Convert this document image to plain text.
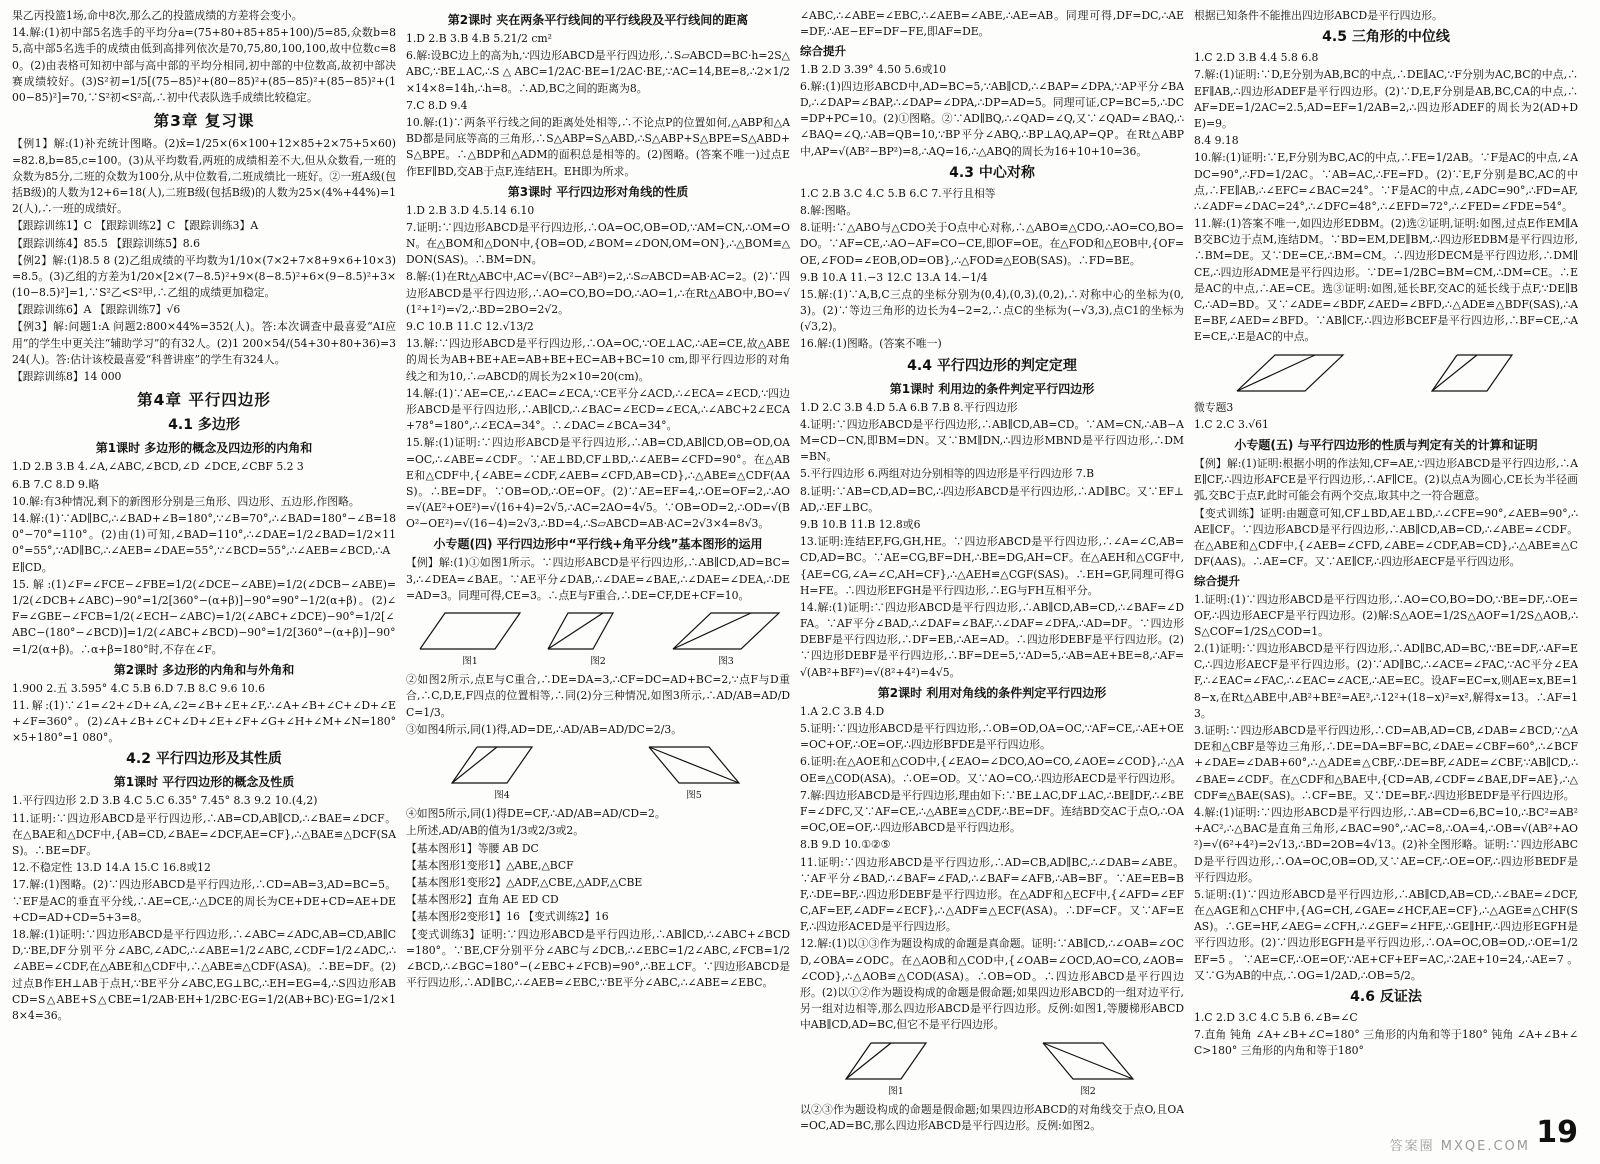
果乙丙投篮1场,命中8次,那么乙的投篮成绩的方差将会变小。

14.解:(1)初中部5名选手的平均分a=(75+80+85+85+100)/5=85,众数b=85,高中部5名选手的成绩由低到高排列依次是70,75,80,100,100,故中位数c=80。(2)由表格可知初中部与高中部的平均分相同,初中部的中位数高,故初中部决赛成绩较好。(3)S²初=1/5[(75−85)²+(80−85)²+(85−85)²+(85−85)²+(100−85)²]=70,∵S²初<S²高,∴初中代表队选手成绩比较稳定。

第3章 复习课

【例1】解:(1)补充统计图略。(2)x̄=1/25×(6×100+12×85+2×75+5×60)=82.8,b=85,c=100。(3)从平均数看,两班的成绩相差不大,但从众数看,一班的众数为85分,二班的众数为100分,从中位数看,二班成绩比一班好。②一班A级(包括B级)的人数为12+6=18(人),二班B级(包括B级)的人数为25×(4%+44%)=12(人),∴一班的成绩好。

【跟踪训练1】C 【跟踪训练2】C 【跟踪训练3】A

【跟踪训练4】85.5 【跟踪训练5】8.6

【例2】解:(1)8.5 8 (2)乙组成绩的平均数为1/10×(7×2+7×8+9×6+10×3)=8.5。(3)乙组的方差为1/20×[2×(7−8.5)²+9×(8−8.5)²+6×(9−8.5)²+3×(10−8.5)²]=1,∵S²乙<S²甲,∴乙组的成绩更加稳定。

【跟踪训练6】A 【跟踪训练7】√6

【例3】解:问题1:A 问题2:800×44%=352(人)。答:本次调查中最喜爱“AI应用”的学生中更关注“辅助学习”的有32人。(2)1 200×54/(54+30+80+36)=324(人)。答:估计该校最喜爱“科普讲座”的学生有324人。

【跟踪训练8】14 000

第4章 平行四边形
4.1 多边形
第1课时 多边形的概念及四边形的内角和

1.D 2.B 3.B 4.∠A,∠ABC,∠BCD,∠D ∠DCE,∠CBF 5.2 3

6.B 7.C 8.D 9.略

10.解:有3种情况,剩下的新图形分别是三角形、四边形、五边形,作图略。

14.解:(1)∵AD∥BC,∴∠BAD+∠B=180°,∵∠B=70°,∴∠BAD=180°−∠B=180°−70°=110°。(2)由(1)可知,∠BAD=110°,∴∠DAE=1/2∠BAD=1/2×110°=55°,∵AD∥BC,∴∠AEB=∠DAE=55°,∵∠BCD=55°,∴∠AEB=∠BCD,∴AE∥CD。

15.解:(1)∠F=∠FCE−∠FBE=1/2(∠DCE−∠ABE)=1/2(∠DCB−∠ABE)=1/2(∠DCB+∠ABC)−90°=1/2[360°−(α+β)]−90°=90°−1/2(α+β)。(2)∠F=∠GBE−∠FCB=1/2(∠ECH−∠ABC)=1/2(∠ABC+∠DCE)−90°=1/2[∠ABC−(180°−∠BCD)]=1/2(∠ABC+∠BCD)−90°=1/2[360°−(α+β)]−90°=1/2(α+β)。∴α+β=180°时,不存在∠F。

第2课时 多边形的内角和与外角和

1.900 2.五 3.595° 4.C 5.B 6.D 7.B 8.C 9.6 10.6

11.解:(1)∵∠1=∠2+∠D+∠A,∠2=∠B+∠E+∠F,∴∠A+∠B+∠C+∠D+∠E+∠F=360°。(2)∠A+∠B+∠C+∠D+∠E+∠F+∠G+∠H+∠M+∠N=180°×5+180°=1 080°。

4.2 平行四边形及其性质
第1课时 平行四边形的概念及性质

1.平行四边形 2.D 3.B 4.C 5.C 6.35° 7.45° 8.3 9.2 10.(4,2)

11.证明:∵四边形ABCD是平行四边形,∴AB=CD,AB∥CD,∴∠BAE=∠DCF。在△BAE和△DCF中,{AB=CD,∠BAE=∠DCF,AE=CF},∴△BAE≌△DCF(SAS)。∴BE=DF。

12.不稳定性 13.D 14.A 15.C 16.8或12

17.解:(1)图略。(2)∵四边形ABCD是平行四边形,∴CD=AB=3,AD=BC=5。∵EF是AC的垂直平分线,∴AE=CE,∴△DCE的周长为CE+DE+CD=AE+DE+CD=AD+CD=5+3=8。

18.解:(1)证明:∵四边形ABCD是平行四边形,∴∠ABC=∠ADC,AB=CD,AB∥CD,∵BE,DF分别平分∠ABC,∠ADC,∴∠ABE=1/2∠ABC,∠CDF=1/2∠ADC,∴∠ABE=∠CDF,在△ABE和△CDF中,∴△ABE≌△CDF(ASA)。∴BE=DF。(2)过点B作EH⊥AB于点H,∵BE平分∠ABC,EG⊥BC,∴EH=EG=4,∴S四边形ABCD=S△ABE+S△CBE=1/2AB·EH+1/2BC·EG=1/2(AB+BC)·EG=1/2×18×4=36。

第2课时 夹在两条平行线间的平行线段及平行线间的距离

1.D 2.B 3.B 4.B 5.21/2 cm²

6.解:设BC边上的高为h,∵四边形ABCD是平行四边形,∴S▱ABCD=BC·h=2S△ABC,∵BE⊥AC,∴S△ABC=1/2AC·BE=1/2AC·BE,∵AC=14,BE=8,∴2×1/2×14×8=14h,∴h=8。∴AD,BC之间的距离为8。

7.C 8.D 9.4

10.解:(1)∵两条平行线之间的距离处处相等,∴不论点P的位置如何,△ABP和△ABD都是同底等高的三角形,∴S△ABP=S△ABD,∴S△ABP+S△BPE=S△ABD+S△BPE。∴△BDP和△ADM的面积总是相等的。(2)图略。(答案不唯一)过点E作EF∥BD,交AB于点F,连结EH。EH即为所求。

第3课时 平行四边形对角线的性质

1.D 2.B 3.D 4.5.14 6.10

7.证明:∵四边形ABCD是平行四边形,∴OA=OC,OB=OD,∵AM=CN,∴OM=ON。在△BOM和△DON中,{OB=OD,∠BOM=∠DON,OM=ON},∴△BOM≌△DON(SAS)。∴BM=DN。

8.解:(1)在Rt△ABC中,AC=√(BC²−AB²)=2,∴S▱ABCD=AB·AC=2。(2)∵四边形ABCD是平行四边形,∴AO=CO,BO=DO,∴AO=1,∴在Rt△ABO中,BO=√(1²+1²)=√2,∴BD=2BO=2√2。

9.C 10.B 11.C 12.√13/2

13.解:∵四边形ABCD是平行四边形,∴OA=OC,∵OE⊥AC,∴AE=CE,故△ABE的周长为AB+BE+AE=AB+BE+EC=AB+BC=10 cm,即平行四边形的对角线之和为10,∴▱ABCD的周长为2×10=20(cm)。

14.解:(1)∵AE=CE,∴∠EAC=∠ECA,∵CE平分∠ACD,∴∠ECA=∠ECD,∵四边形ABCD是平行四边形,∴AB∥CD,∴∠BAC=∠ECD=∠ECA,∴∠ABC+2∠ECA+78°=180°,∴∠ECA=34°。∴∠DAC=∠BCA=34°。

15.解:(1)证明:∵四边形ABCD是平行四边形,∴AB=CD,AB∥CD,OB=OD,OA=OC,∴∠ABE=∠CDF。∵AE⊥BD,CF⊥BD,∴∠AEB=∠CFD=90°。在△ABE和△CDF中,{∠ABE=∠CDF,∠AEB=∠CFD,AB=CD},∴△ABE≌△CDF(AAS)。∴BE=DF。∵OB=OD,∴OE=OF。(2)∵AE=EF=4,∴OE=OF=2,∴AO=√(AE²+OE²)=√(16+4)=2√5,∴AC=2AO=4√5。∵OB=OD=2,∴OD=√(BO²−OE²)=√(16−4)=2√3,∴BD=4,∴S▱ABCD=AB·AC=2√3×4=8√3。

小专题(四) 平行四边形中“平行线+角平分线”基本图形的运用

【例】解:(1)①如图1所示。∵四边形ABCD是平行四边形,∴AB∥CD,AD=BC=3,∴∠DEA=∠BAE。∵AE平分∠DAB,∴∠DAE=∠BAE,∴∠DAE=∠DEA,∴DE=AD=3。同理可得,CE=3。∴点E与F重合,∴DE=CF,DE+CF=10。

图1	图2	图3

②如图2所示,点E与C重合,∴DE=DA=3,∴CF=DC=AD+BC=2,∵点F与D重合,∴C,D,E,F四点的位置相等,∴同(2)分三种情况,如图3所示,∴AD/AB=AD/DC=1/3。

③如图4所示,同(1)得,AD=DE,∴AD/AB=AD/DC=2/3。

图4	图5

④如图5所示,同(1)得DE=CF,∴AD/AB=AD/CD=2。

上所述,AD/AB的值为1/3或2/3或2。

【基本图形1】等腰 AB DC

【基本图形1变形1】△ABE,△BCF

【基本图形1变形2】△ADF,△CBE,△ADF,△CBE

【基本图形2】直角 AE ED CD

【基本图形2变形1】16 【变式训练2】16

【变式训练3】证明:∵四边形ABCD是平行四边形,∴AB∥CD,∴∠ABC+∠BCD=180°。∵BE,CF分别平分∠ABC与∠DCB,∴∠EBC=1/2∠ABC,∠FCB=1/2∠BCD,∴∠BGC=180°−(∠EBC+∠FCB)=90°,∴BE⊥CF。∵四边形ABCD是平行四边形,∴AD∥BC,∴∠AEB=∠EBC,∵BE平分∠ABC,∴∠ABE=∠EBC。

∠ABC,∴∠ABE=∠EBC,∴∠AEB=∠ABE,∴AE=AB。同理可得,DF=DC,∴AE=DF,∴AE−EF=DF−FE,即AF=DE。

综合提升

1.B 2.D 3.39° 4.50 5.6或10

6.解:(1)四边形ABCD中,AD=BC=5,∵AB∥CD,∴∠BAP=∠DPA,∵AP平分∠BAD,∴∠DAP=∠BAP,∴∠DAP=∠DPA,∴DP=AD=5。同理可证,CP=BC=5,∴DC=DP+PC=10。(2)①图略。②∵AD∥BQ,∴∠QAD=∠Q,又∵∠QAD=∠BAQ,∴∠BAQ=∠Q,∴AB=QB=10,∵BP平分∠ABQ,∴BP⊥AQ,AP=QP。在Rt△ABP中,AP=√(AB²−BP²)=8,∴AQ=16,∴△ABQ的周长为16+10+10=36。

4.3 中心对称

1.C 2.B 3.C 4.C 5.B 6.C 7.平行且相等

8.解:图略。

8.证明:∵△ABO与△CDO关于O点中心对称,∴△ABO≌△CDO,∴AO=CO,BO=DO。∵AF=CE,∴AO−AF=CO−CE,即OF=OE。在△FOD和△EOB中,{OF=OE,∠FOD=∠EOB,OD=OB},∴△FOD≌△EOB(SAS)。∴FD=BE。

9.B 10.A 11.−3 12.C 13.A 14.−1/4

15.解:(1)∵A,B,C三点的坐标分别为(0,4),(0,3),(0,2),∴对称中心的坐标为(0,3)。(2)∵等边三角形的边长为4−2=2,∴点C的坐标为(−√3,3),点C1的坐标为(√3,2)。

16.解:(1)图略。(答案不唯一)

4.4 平行四边形的判定定理
第1课时 利用边的条件判定平行四边形

1.D 2.C 3.B 4.D 5.A 6.B 7.B 8.平行四边形

4.证明:∵四边形ABCD是平行四边形,∴AB∥CD,AB=CD。∵AM=CN,∴AB−AM=CD−CN,即BM=DN。又∵BM∥DN,∴四边形MBND是平行四边形,∴DM=BN。

5.平行四边形 6.两组对边分别相等的四边形是平行四边形 7.B

8.证明:∵AB=CD,AD=BC,∴四边形ABCD是平行四边形,∴AD∥BC。又∵EF⊥AD,∴EF⊥BC。

9.B 10.B 11.B 12.8或6

13.证明:连结EF,FG,GH,HE。∵四边形ABCD是平行四边形,∴∠A=∠C,AB=CD,AD=BC。∵AE=CG,BF=DH,∴BE=DG,AH=CF。在△AEH和△CGF中,{AE=CG,∠A=∠C,AH=CF},∴△AEH≌△CGF(SAS)。∴EH=GF,同理可得GH=FE。∴四边形EFGH是平行四边形,∴EG与FH互相平分。

14.解:(1)证明:∵四边形ABCD是平行四边形,∴AB∥CD,AB=CD,∴∠BAF=∠DFA。∵AF平分∠BAD,∴∠DAF=∠BAF,∴∠DAF=∠DFA,∴AD=DF。∵四边形DEBF是平行四边形,∴DF=EB,∴AE=AD。∴四边形DEBF是平行四边形。(2)∵四边形DEBF是平行四边形,∴BF=DE=5,∵AD=5,∴AB=AE+BE=8,∴AF=√(AB²+BF²)=√(8²+4²)=4√5。

第2课时 利用对角线的条件判定平行四边形

1.A 2.C 3.B 4.D

5.证明:∵四边形ABCD是平行四边形,∴OB=OD,OA=OC,∵AF=CE,∴AE+OE=OC+OF,∴OE=OF,∴四边形BFDE是平行四边形。

6.证明:在△AOE和△COD中,{∠EAO=∠DCO,AO=CO,∠AOE=∠COD},∴△AOE≌△COD(ASA)。∴OE=OD。又∵AO=CO,∴四边形AECD是平行四边形。

7.解:四边形ABCD是平行四边形,理由如下:∵BE⊥AC,DF⊥AC,∴BE∥DF,∴∠BEF=∠DFC,又∵AF=CE,∴△ABE≌△CDF,∴BE=DF。连结BD交AC于点O,∴OA=OC,OE=OF,∴四边形ABCD是平行四边形。

8.B 9.D 10.①②⑤

11.证明:∵四边形ABCD是平行四边形,∴AD=CB,AD∥BC,∴∠DAB=∠ABE。∵AF平分∠BAD,∴∠BAF=∠FAD,∴∠BAF=∠AFB,∴AB=BF。∵AE=EB=BF,∴DE=BF,∴四边形DEBF是平行四边形。在△ADF和△ECF中,{∠AFD=∠EFC,AF=EF,∠ADF=∠ECF},∴△ADF≌△ECF(ASA)。∴DF=CF。又∵AF=EF,∴四边形ACED是平行四边形。

12.解:(1)以①③作为题设构成的命题是真命题。证明:∵AB∥CD,∴∠OAB=∠OCD,∠OBA=∠ODC。在△AOB和△COD中,{∠OAB=∠OCD,AO=CO,∠AOB=∠COD},∴△AOB≌△COD(ASA)。∴OB=OD。∴四边形ABCD是平行四边形。(2)以①②作为题设构成的命题是假命题;如果四边形ABCD的一组对边平行,另一组对边相等,那么四边形ABCD是平行四边形。反例:如图1,等腰梯形ABCD中AB∥CD,AD=BC,但它不是平行四边形。

图1	图2

以②③作为题设构成的命题是假命题;如果四边形ABCD的对角线交于点O,且OA=OC,AD=BC,那么四边形ABCD是平行四边形。反例:如图2。

根据已知条件不能推出四边形ABCD是平行四边形。

4.5 三角形的中位线

1.C 2.D 3.B 4.4 5.8 6.8

7.解:(1)证明:∵D,E分别为AB,BC的中点,∴DE∥AC,∵F分别为AC,BC的中点,∴EF∥AB,∴四边形ADEF是平行四边形。(2)∵D,E,F分别是AB,BC,CA的中点,∴AF=DE=1/2AC=2.5,AD=EF=1/2AB=2,∴四边形ADEF的周长为2(AD+DE)=9。

8.4 9.18

10.解:(1)证明:∵E,F分别为BC,AC的中点,∴FE=1/2AB。∵F是AC的中点,∠ADC=90°,∴FD=1/2AC。∵AB=AC,∴FE=FD。(2)∵E,F分别是BC,AC的中点,∴FE∥AB,∴∠EFC=∠BAC=24°。∵F是AC的中点,∠ADC=90°,∴FD=AF,∴∠ADF=∠DAC=24°,∴∠DFC=48°,∴∠EFD=72°,∴∠FED=∠FDE=54°。

11.解:(1)答案不唯一,如四边形EDBM。(2)选②证明,证明:如图,过点E作EM∥AB交BC边于点M,连结DM。∵BD=EM,DE∥BM,∴四边形EDBM是平行四边形,∴BM=DE。又∵DE=CE,∴BM=CM。∴四边形DECM是平行四边形,∴DM∥CE,∴四边形ADME是平行四边形。∵DE=1/2BC=BM=CM,∴DM=CE。∴E是AC的中点,∴AE=CE。选③证明:如图,延长BF,交AC的延长线于点F,∵DE∥BC,∴AD=BD。又∵∠ADE=∠BDF,∠AED=∠BFD,∴△ADE≌△BDF(SAS),∴AE=BF,∠AED=∠BFD。∵AB∥CF,∴四边形BCEF是平行四边形,∴BF=CE,∴AE=CE,∴E是AC的中点。

微专题3

1.C 2.C 3.√61

小专题(五) 与平行四边形的性质与判定有关的计算和证明

【例】解:(1)证明:根据小明的作法知,CF=AE,∵四边形ABCD是平行四边形,∴AE∥CF,∴四边形AFCE是平行四边形,∴AF∥CE。(2)以点A为圆心,CE长为半径画弧,交BC于点F,此时可能会有两个交点,取其中之一符合题意。

【变式训练】证明:由题意可知,CF⊥BD,AE⊥BD,∴∠CFE=90°,∠AEB=90°,∴AE∥CF。∵四边形ABCD是平行四边形,∴AB∥CD,AB=CD,∴∠ABE=∠CDF。在△ABE和△CDF中,{∠AEB=∠CFD,∠ABE=∠CDF,AB=CD},∴△ABE≌△CDF(AAS)。∴AE=CF。又∵AE∥CF,∴四边形AECF是平行四边形。

综合提升

1.证明:(1)∵四边形ABCD是平行四边形,∴AO=CO,BO=DO,∵BE=DF,∴OE=OF,∴四边形AECF是平行四边形。(2)解:S△AOE=1/2S△AOF=1/2S△AOB,∴S△COF=1/2S△COD=1。

2.(1)证明:∵四边形ABCD是平行四边形,∴AD∥BC,AD=BC,∵BE=DF,∴AF=EC,∴四边形AECF是平行四边形。(2)∵AD∥BC,∴∠ACE=∠FAC,∵AC平分∠EAF,∴∠EAC=∠FAC,∴∠EAC=∠ACE,∴AE=EC。设AF=EC=x,则AE=x,BE=18−x,在Rt△ABE中,AB²+BE²=AE²,∴12²+(18−x)²=x²,解得x=13。∴AF=13。

3.证明:∵四边形ABCD是平行四边形,∴CD=AB,AD=CB,∠DAB=∠BCD,∵△ADE和△CBF是等边三角形,∴DE=DA=BF=BC,∠DAE=∠CBF=60°,∴∠BCF+∠DAE=∠DAB+60°,∴△ADE≌△CBF,∴DE=BF,∠ADE=∠CBF,∵AB∥CD,∴∠BAE=∠CDF。在△CDF和△BAE中,{CD=AB,∠CDF=∠BAE,DF=AE},∴△CDF≌△BAE(SAS)。∴CF=BE。又∵DE=BF,∴四边形BEDF是平行四边形。

4.解:(1)证明:∵四边形ABCD是平行四边形,∴AB=CD=6,BC=10,∴BC²=AB²+AC²,∴△BAC是直角三角形,∠BAC=90°,∴AC=8,∴OA=4,∴OB=√(AB²+AO²)=√(6²+4²)=2√13,∴BD=2OB=4√13。(2)补全图形略。证明:∵四边形ABCD是平行四边形,∴OA=OC,OB=OD,又∵AE=CF,∴OE=OF,∴四边形BEDF是平行四边形。

5.证明:(1)∵四边形ABCD是平行四边形,∴AB∥CD,AB=CD,∴∠BAE=∠DCF,在△AGE和△CHF中,{AG=CH,∠GAE=∠HCF,AE=CF},∴△AGE≌△CHF(SAS)。∴GE=HF,∠AEG=∠CFH,∴∠GEF=∠HFE,∴GE∥HF,∴四边形EGFH是平行四边形。(2)∵四边形EGFH是平行四边形,∴OA=OC,OB=OD,∴OE=1/2EF=5。∵AE=CF,∴OE=OF,∵AE+CF+EF=AC,∴2AE+10=24,∴AE=7。又∵G为AB的中点,∴OG=1/2AD,∴OB=5/2。

4.6 反证法

1.C 2.D 3.C 4.C 5.B 6.∠B=∠C

7.直角 钝角 ∠A+∠B+∠C=180° 三角形的内角和等于180° 钝角 ∠A+∠B+∠C>180° 三角形的内角和等于180°

答案圈 MXQE.COM 19
